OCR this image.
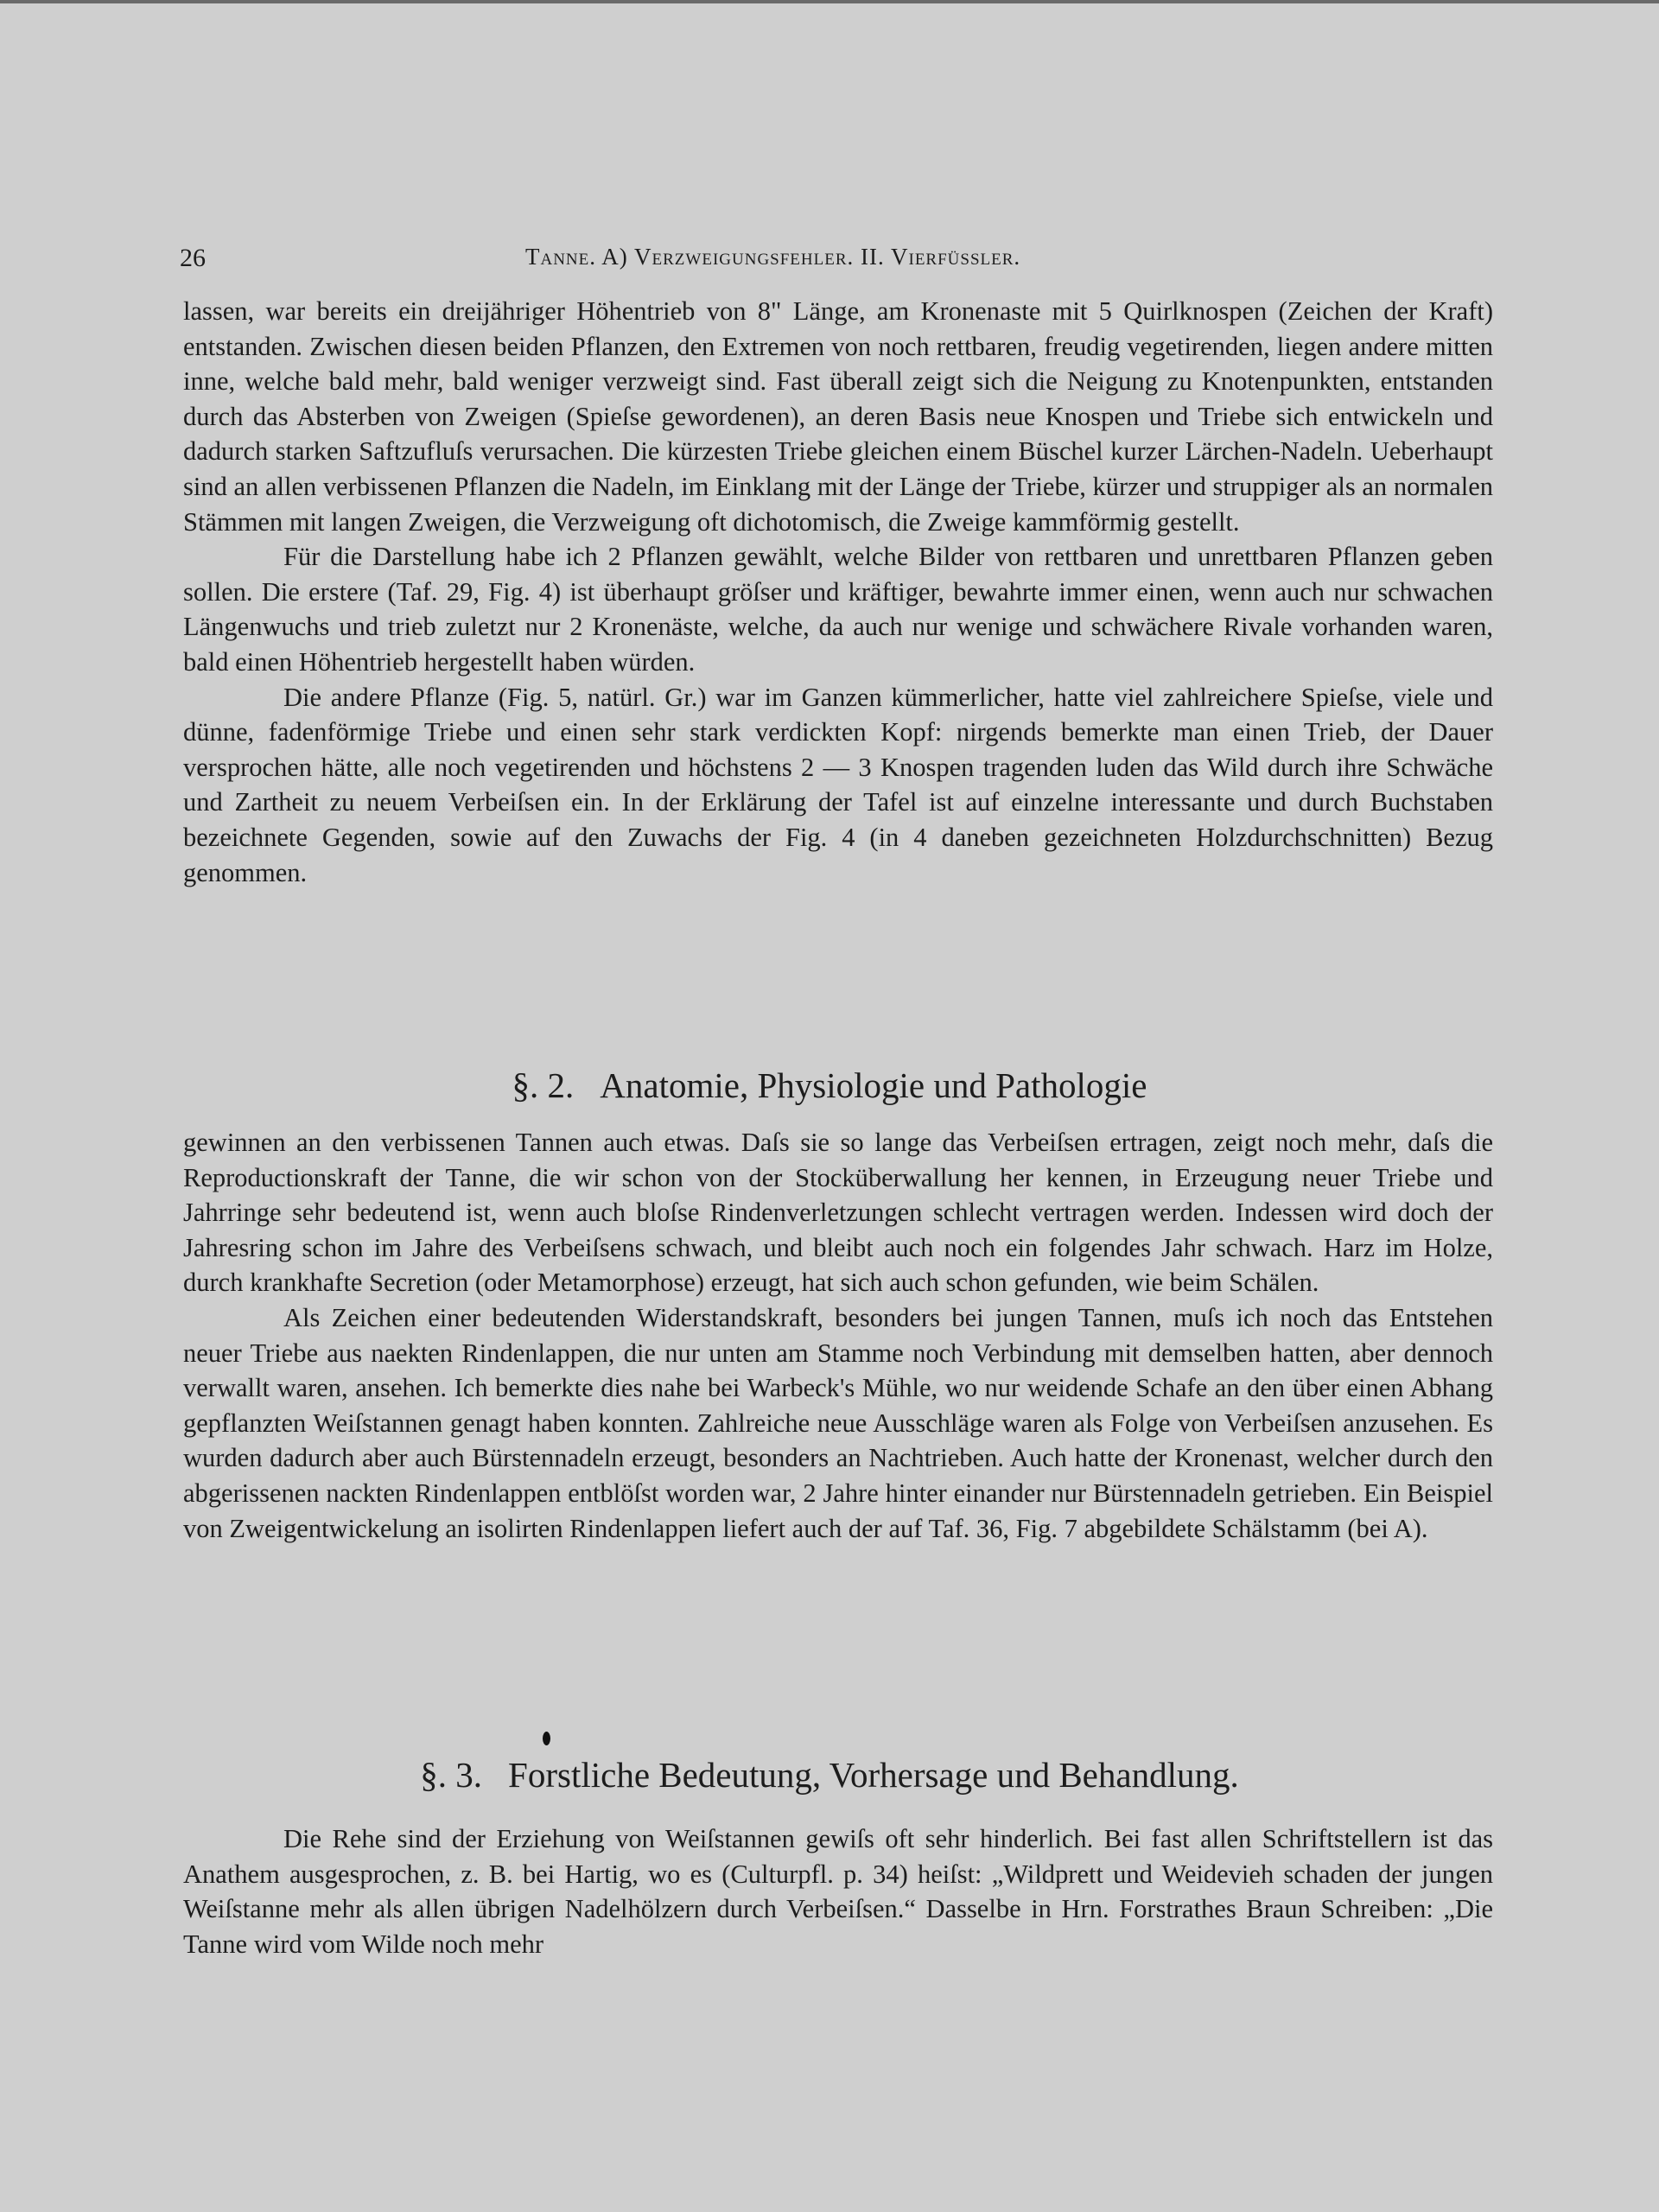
26	Tanne. A) Verzweigungsfehler. II. Vierfüssler.

lassen, war bereits ein dreijähriger Höhentrieb von 8" Länge, am Kronenaste mit 5 Quirlknospen (Zeichen der Kraft) entstanden. Zwischen diesen beiden Pflanzen, den Extremen von noch rettbaren, freudig vegetirenden, liegen andere mitten inne, welche bald mehr, bald weniger verzweigt sind. Fast überall zeigt sich die Neigung zu Knotenpunkten, entstanden durch das Absterben von Zweigen (Spieſse gewordenen), an deren Basis neue Knospen und Triebe sich entwickeln und dadurch starken Saftzufluſs verursachen. Die kürzesten Triebe gleichen einem Büschel kurzer Lärchen-Nadeln. Ueberhaupt sind an allen verbissenen Pflanzen die Nadeln, im Einklang mit der Länge der Triebe, kürzer und struppiger als an normalen Stämmen mit langen Zweigen, die Verzweigung oft dichotomisch, die Zweige kammförmig gestellt.

Für die Darstellung habe ich 2 Pflanzen gewählt, welche Bilder von rettbaren und unrettbaren Pflanzen geben sollen. Die erstere (Taf. 29, Fig. 4) ist überhaupt gröſser und kräftiger, bewahrte immer einen, wenn auch nur schwachen Längenwuchs und trieb zuletzt nur 2 Kronenäste, welche, da auch nur wenige und schwächere Rivale vorhanden waren, bald einen Höhentrieb hergestellt haben würden.

Die andere Pflanze (Fig. 5, natürl. Gr.) war im Ganzen kümmerlicher, hatte viel zahlreichere Spieſse, viele und dünne, fadenförmige Triebe und einen sehr stark verdickten Kopf: nirgends bemerkte man einen Trieb, der Dauer versprochen hätte, alle noch vegetirenden und höchstens 2 — 3 Knospen tragenden luden das Wild durch ihre Schwäche und Zartheit zu neuem Verbeiſsen ein. In der Erklärung der Tafel ist auf einzelne interessante und durch Buchstaben bezeichnete Gegenden, sowie auf den Zuwachs der Fig. 4 (in 4 daneben gezeichneten Holzdurchschnitten) Bezug genommen.

§. 2. Anatomie, Physiologie und Pathologie

gewinnen an den verbissenen Tannen auch etwas. Daſs sie so lange das Verbeiſsen ertragen, zeigt noch mehr, daſs die Reproductionskraft der Tanne, die wir schon von der Stocküberwallung her kennen, in Erzeugung neuer Triebe und Jahrringe sehr bedeutend ist, wenn auch bloſse Rindenverletzungen schlecht vertragen werden. Indessen wird doch der Jahresring schon im Jahre des Verbeiſsens schwach, und bleibt auch noch ein folgendes Jahr schwach. Harz im Holze, durch krankhafte Secretion (oder Metamorphose) erzeugt, hat sich auch schon gefunden, wie beim Schälen.

Als Zeichen einer bedeutenden Widerstandskraft, besonders bei jungen Tannen, muſs ich noch das Entstehen neuer Triebe aus naekten Rindenlappen, die nur unten am Stamme noch Verbindung mit demselben hatten, aber dennoch verwallt waren, ansehen. Ich bemerkte dies nahe bei Warbeck's Mühle, wo nur weidende Schafe an den über einen Abhang gepflanzten Weiſstannen genagt haben konnten. Zahlreiche neue Ausschläge waren als Folge von Verbeiſsen anzusehen. Es wurden dadurch aber auch Bürstennadeln erzeugt, besonders an Nachtrieben. Auch hatte der Kronenast, welcher durch den abgerissenen nackten Rindenlappen entblöſst worden war, 2 Jahre hinter einander nur Bürstennadeln getrieben. Ein Beispiel von Zweigentwickelung an isolirten Rindenlappen liefert auch der auf Taf. 36, Fig. 7 abgebildete Schälstamm (bei A).

§. 3. Forstliche Bedeutung, Vorhersage und Behandlung.

Die Rehe sind der Erziehung von Weiſstannen gewiſs oft sehr hinderlich. Bei fast allen Schriftstellern ist das Anathem ausgesprochen, z. B. bei Hartig, wo es (Culturpfl. p. 34) heiſst: „Wildprett und Weidevieh schaden der jungen Weiſstanne mehr als allen übrigen Nadelhölzern durch Verbeiſsen.“ Dasselbe in Hrn. Forstrathes Braun Schreiben: „Die Tanne wird vom Wilde noch mehr
